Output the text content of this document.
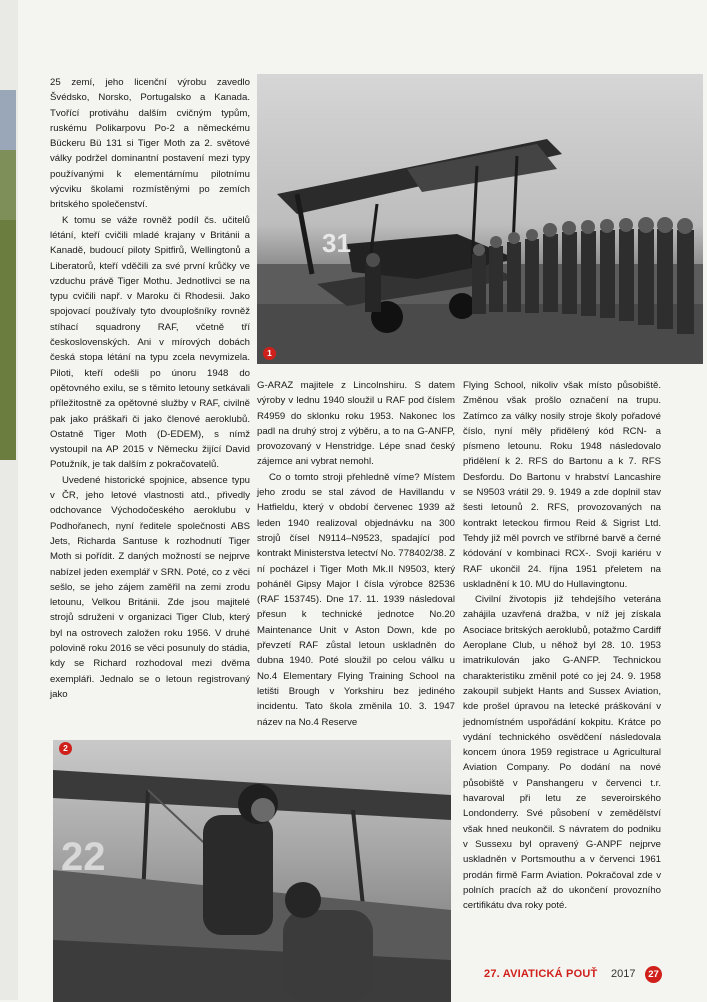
31
1
22
2

25 zemí, jeho licenční výrobu zavedlo Švédsko, Norsko, Portugalsko a Kanada. Tvořící protiváhu dalším cvičným typům, ruskému Polikarpovu Po-2 a německému Bückeru Bü 131 si Tiger Moth za 2. světové války podržel dominantní postavení mezi typy používanými k elementárnímu pilotnímu výcviku školami rozmístěnými po zemích britského společenství.

K tomu se váže rovněž podíl čs. učitelů létání, kteří cvičili mladé krajany v Británii a Kanadě, budoucí piloty Spitfirů, Wellingtonů a Liberatorů, kteří vděčili za své první krůčky ve vzduchu právě Tiger Mothu. Jednotlivci se na typu cvičili např. v Maroku či Rhodesii. Jako spojovací používaly tyto dvouplošníky rovněž stíhací squadrony RAF, včetně tří československých. Ani v mírových dobách česká stopa létání na typu zcela nevymizela. Piloti, kteří odešli po únoru 1948 do opětovného exilu, se s těmito letouny setkávali příležitostně za opětovné služby v RAF, civilně pak jako práškaři či jako členové aeroklubů. Ostatně Tiger Moth (D-EDEM), s nímž vystoupil na AP 2015 v Německu žijící David Potužník, je tak dalším z pokračovatelů.

Uvedené historické spojnice, absence typu v ČR, jeho letové vlastnosti atd., přivedly odchovance Východočeského aeroklubu v Podhořanech, nyní ředitele společnosti ABS Jets, Richarda Santuse k rozhodnutí Tiger Moth si pořídit. Z daných možností se nejprve nabízel jeden exemplář v SRN. Poté, co z věci sešlo, se jeho zájem zaměřil na zemi zrodu letounu, Velkou Británii. Zde jsou majitelé strojů sdruženi v organizaci Tiger Club, který byl na ostrovech založen roku 1956. V druhé polovině roku 2016 se věci posunuly do stádia, kdy se Richard rozhodoval mezi dvěma exempláři. Jednalo se o letoun registrovaný jako

G-ARAZ majitele z Lincolnshiru. S datem výroby v lednu 1940 sloužil u RAF pod číslem R4959 do sklonku roku 1953. Nakonec los padl na druhý stroj z výběru, a to na G-ANFP, provozovaný v Henstridge. Lépe snad český zájemce ani vybrat nemohl.

Co o tomto stroji přehledně víme? Místem jeho zrodu se stal závod de Havillandu v Hatfieldu, který v období červenec 1939 až leden 1940 realizoval objednávku na 300 strojů čísel N9114–N9523, spadající pod kontrakt Ministerstva letectví No. 778402/38. Z ní pocházel i Tiger Moth Mk.II N9503, který poháněl Gipsy Major I čísla výrobce 82536 (RAF 153745). Dne 17. 11. 1939 následoval přesun k technické jednotce No.20 Maintenance Unit v Aston Down, kde po převzetí RAF zůstal letoun uskladněn do dubna 1940. Poté sloužil po celou válku u No.4 Elementary Flying Training School na letišti Brough v Yorkshiru bez jediného incidentu. Tato škola změnila 10. 3. 1947 název na No.4 Reserve

Flying School, nikoliv však místo působiště. Změnou však prošlo označení na trupu. Zatímco za války nosily stroje školy pořadové číslo, nyní měly přidělený kód RCN- a písmeno letounu. Roku 1948 následovalo přidělení k 2. RFS do Bartonu a k 7. RFS Desfordu. Do Bartonu v hrabství Lancashire se N9503 vrátil 29. 9. 1949 a zde doplnil stav šesti letounů 2. RFS, provozovaných na kontrakt leteckou firmou Reid & Sigrist Ltd. Tehdy již měl povrch ve stříbrné barvě a černé kódování v kombinaci RCX-. Svoji kariéru v RAF ukončil 24. října 1951 přeletem na uskladnění k 10. MU do Hullavingtonu.

Civilní životopis již tehdejšího veterána zahájila uzavřená dražba, v níž jej získala Asociace britských aeroklubů, potažmo Cardiff Aeroplane Club, u něhož byl 28. 10. 1953 imatrikulován jako G-ANFP. Technickou charakteristiku změnil poté co jej 24. 9. 1958 zakoupil subjekt Hants and Sussex Aviation, kde prošel úpravou na letecké práškování v jednomístném uspořádání kokpitu. Krátce po vydání technického osvědčení následovala koncem února 1959 registrace u Agricultural Aviation Company. Po dodání na nové působiště v Panshangeru v červenci t.r. havaroval při letu ze severoirského Londonderry. Své působení v zemědělství však hned neukončil. S návratem do podniku v Sussexu byl opravený G-ANPF nejprve uskladněn v Portsmouthu a v červenci 1961 prodán firmě Farm Aviation. Pokračoval zde v polních pracích až do ukončení provozního certifikátu dva roky poté.

27. AVIATICKÁ POUŤ 2017	27
